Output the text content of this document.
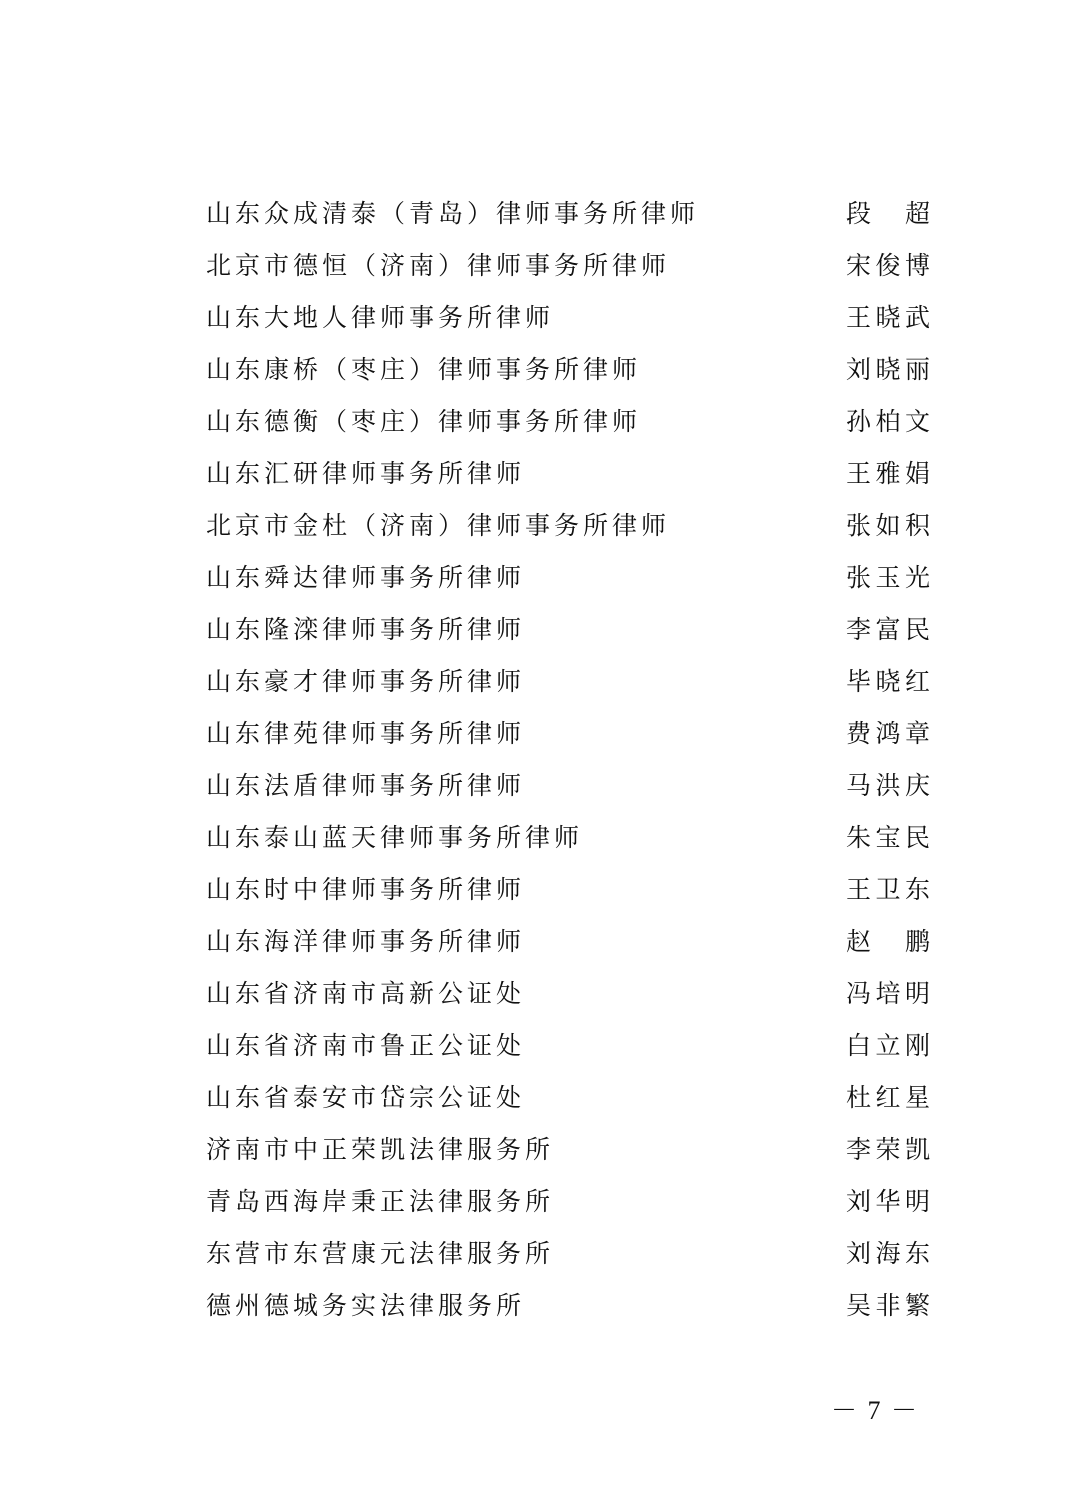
山东众成清泰（青岛）律师事务所律师	段　超
北京市德恒（济南）律师事务所律师	宋俊博
山东大地人律师事务所律师	王晓武
山东康桥（枣庄）律师事务所律师	刘晓丽
山东德衡（枣庄）律师事务所律师	孙柏文
山东汇研律师事务所律师	王雅娟
北京市金杜（济南）律师事务所律师	张如积
山东舜达律师事务所律师	张玉光
山东隆滦律师事务所律师	李富民
山东豪才律师事务所律师	毕晓红
山东律苑律师事务所律师	费鸿章
山东法盾律师事务所律师	马洪庆
山东泰山蓝天律师事务所律师	朱宝民
山东时中律师事务所律师	王卫东
山东海洋律师事务所律师	赵　鹏
山东省济南市高新公证处	冯培明
山东省济南市鲁正公证处	白立刚
山东省泰安市岱宗公证处	杜红星
济南市中正荣凯法律服务所	李荣凯
青岛西海岸秉正法律服务所	刘华明
东营市东营康元法律服务所	刘海东
德州德城务实法律服务所	吴非繁
－ 7 －
